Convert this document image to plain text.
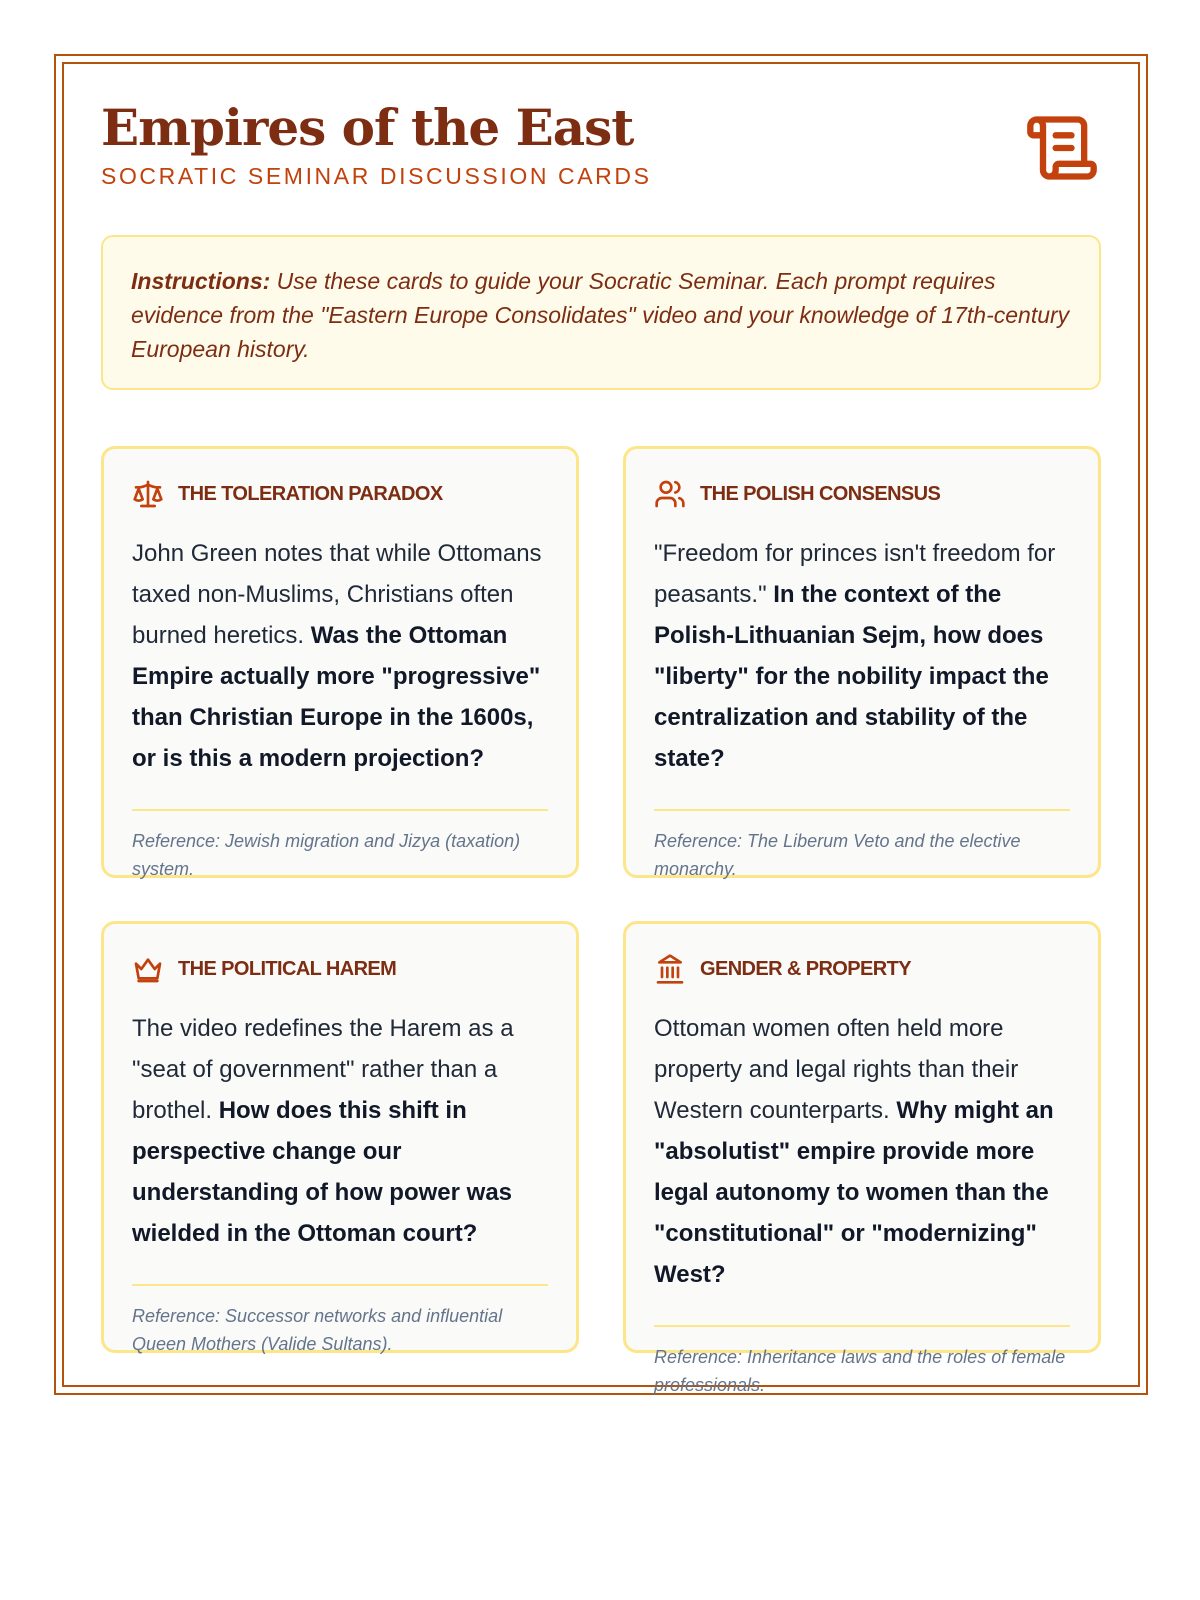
Empires of the East
SOCRATIC SEMINAR DISCUSSION CARDS
Instructions: Use these cards to guide your Socratic Seminar. Each prompt requires evidence from the "Eastern Europe Consolidates" video and your knowledge of 17th-century European history.
THE TOLERATION PARADOX
John Green notes that while Ottomans taxed non-Muslims, Christians often burned heretics. Was the Ottoman Empire actually more "progressive" than Christian Europe in the 1600s, or is this a modern projection?
Reference: Jewish migration and Jizya (taxation) system.
THE POLISH CONSENSUS
"Freedom for princes isn't freedom for peasants." In the context of the Polish-Lithuanian Sejm, how does "liberty" for the nobility impact the centralization and stability of the state?
Reference: The Liberum Veto and the elective monarchy.
THE POLITICAL HAREM
The video redefines the Harem as a "seat of government" rather than a brothel. How does this shift in perspective change our understanding of how power was wielded in the Ottoman court?
Reference: Successor networks and influential Queen Mothers (Valide Sultans).
GENDER & PROPERTY
Ottoman women often held more property and legal rights than their Western counterparts. Why might an "absolutist" empire provide more legal autonomy to women than the "constitutional" or "modernizing" West?
Reference: Inheritance laws and the roles of female professionals.
